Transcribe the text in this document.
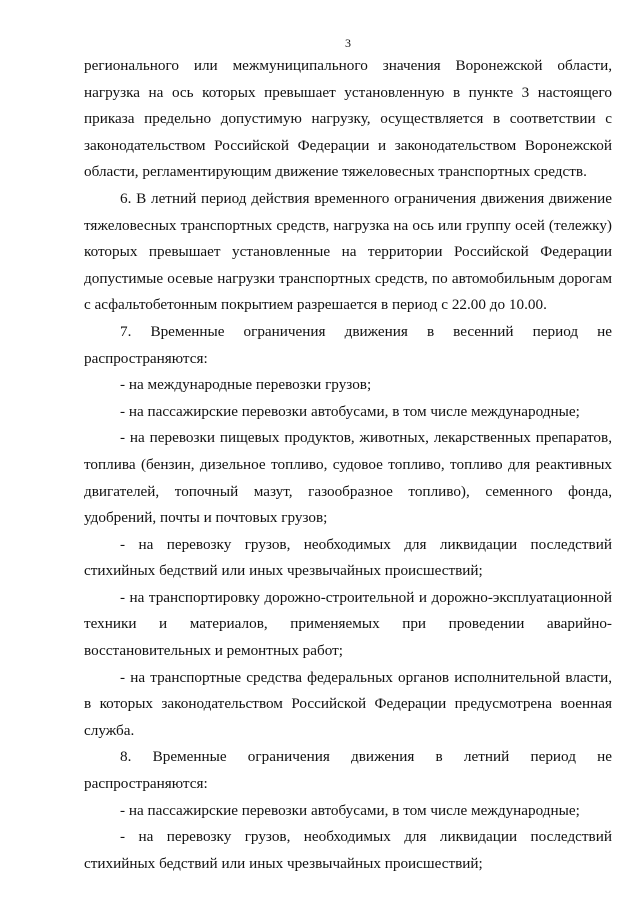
3

регионального или межмуниципального значения Воронежской области, нагрузка на ось которых превышает установленную в пункте 3 настоящего приказа предельно допустимую нагрузку, осуществляется в соответствии с законодательством Российской Федерации и законодательством Воронежской области, регламентирующим движение тяжеловесных транспортных средств.

6. В летний период действия временного ограничения движения движение тяжеловесных транспортных средств, нагрузка на ось или группу осей (тележку) которых превышает установленные на территории Российской Федерации допустимые осевые нагрузки транспортных средств, по автомобильным дорогам с асфальтобетонным покрытием разрешается в период с 22.00 до 10.00.

7. Временные ограничения движения в весенний период не распространяются:

- на международные перевозки грузов;

- на пассажирские перевозки автобусами, в том числе международные;

- на перевозки пищевых продуктов, животных, лекарственных препаратов, топлива (бензин, дизельное топливо, судовое топливо, топливо для реактивных двигателей, топочный мазут, газообразное топливо), семенного фонда, удобрений, почты и почтовых грузов;

- на перевозку грузов, необходимых для ликвидации последствий стихийных бедствий или иных чрезвычайных происшествий;

- на транспортировку дорожно-строительной и дорожно-эксплуатационной техники и материалов, применяемых при проведении аварийно-восстановительных и ремонтных работ;

- на транспортные средства федеральных органов исполнительной власти, в которых законодательством Российской Федерации предусмотрена военная служба.

8. Временные ограничения движения в летний период не распространяются:

- на пассажирские перевозки автобусами, в том числе международные;

- на перевозку грузов, необходимых для ликвидации последствий стихийных бедствий или иных чрезвычайных происшествий;
